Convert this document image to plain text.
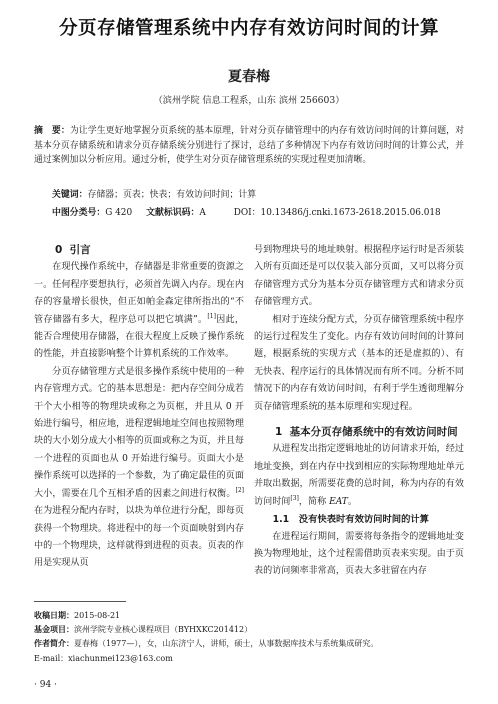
分页存储管理系统中内存有效访问时间的计算
夏春梅
（滨州学院 信息工程系，山东 滨州 256603）
摘　要：为让学生更好地掌握分页系统的基本原理，针对分页存储管理中的内存有效访问时间的计算问题，对基本分页存储系统和请求分页存储系统分别进行了探讨，总结了多种情况下内存有效访问时间的计算公式，并通过案例加以分析应用。通过分析，使学生对分页存储管理系统的实现过程更加清晰。
关键词：存储器；页表；快表；有效访问时间；计算
中图分类号：G 420 文献标识码：A	DOI：10.13486/j.cnki.1673-2618.2015.06.018

0 引言

在现代操作系统中，存储器是非常重要的资源之一。任何程序要想执行，必须首先调入内存。现在内存的容量增长很快，但正如帕金森定律所指出的“不管存储器有多大，程序总可以把它填满”。[1]因此，能否合理使用存储器，在很大程度上反映了操作系统的性能，并直接影响整个计算机系统的工作效率。

分页存储管理方式是很多操作系统中使用的一种内存管理方式。它的基本思想是：把内存空间分成若干个大小相等的物理块或称之为页框，并且从 0 开始进行编号，相应地，进程逻辑地址空间也按照物理块的大小划分成大小相等的页面或称之为页，并且每一个进程的页面也从 0 开始进行编号。页面大小是操作系统可以选择的一个参数，为了确定最佳的页面大小，需要在几个互相矛盾的因素之间进行权衡。[2]在为进程分配内存时，以块为单位进行分配，即每页获得一个物理块。将进程中的每一个页面映射到内存中的一个物理块，这样就得到进程的页表。页表的作用是实现从页

号到物理块号的地址映射。根据程序运行时是否须装入所有页面还是可以仅装入部分页面，又可以将分页存储管理方式分为基本分页存储管理方式和请求分页存储管理方式。

相对于连续分配方式，分页存储管理系统中程序的运行过程发生了变化。内存有效访问时间的计算问题，根据系统的实现方式（基本的还是虚拟的）、有无快表、程序运行的具体情况而有所不同。分析不同情况下的内存有效访问时间，有利于学生透彻理解分页存储管理系统的基本原理和实现过程。

1 基本分页存储系统中的有效访问时间

从进程发出指定逻辑地址的访问请求开始，经过地址变换，到在内存中找到相应的实际物理地址单元并取出数据，所需要花费的总时间，称为内存的有效访问时间[3]，简称 EAT。

1.1 没有快表时有效访问时间的计算

在进程运行期间，需要将每条指令的逻辑地址变换为物理地址，这个过程需借助页表来实现。由于页表的访问频率非常高，页表大多驻留在内存

收稿日期：2015-08-21
基金项目：滨州学院专业核心课程项目（BYHXKC201412）
作者简介：夏春梅（1977—），女，山东济宁人，讲师，硕士，从事数据库技术与系统集成研究。
E-mail：xiachunmei123@163.com
· 94 ·
